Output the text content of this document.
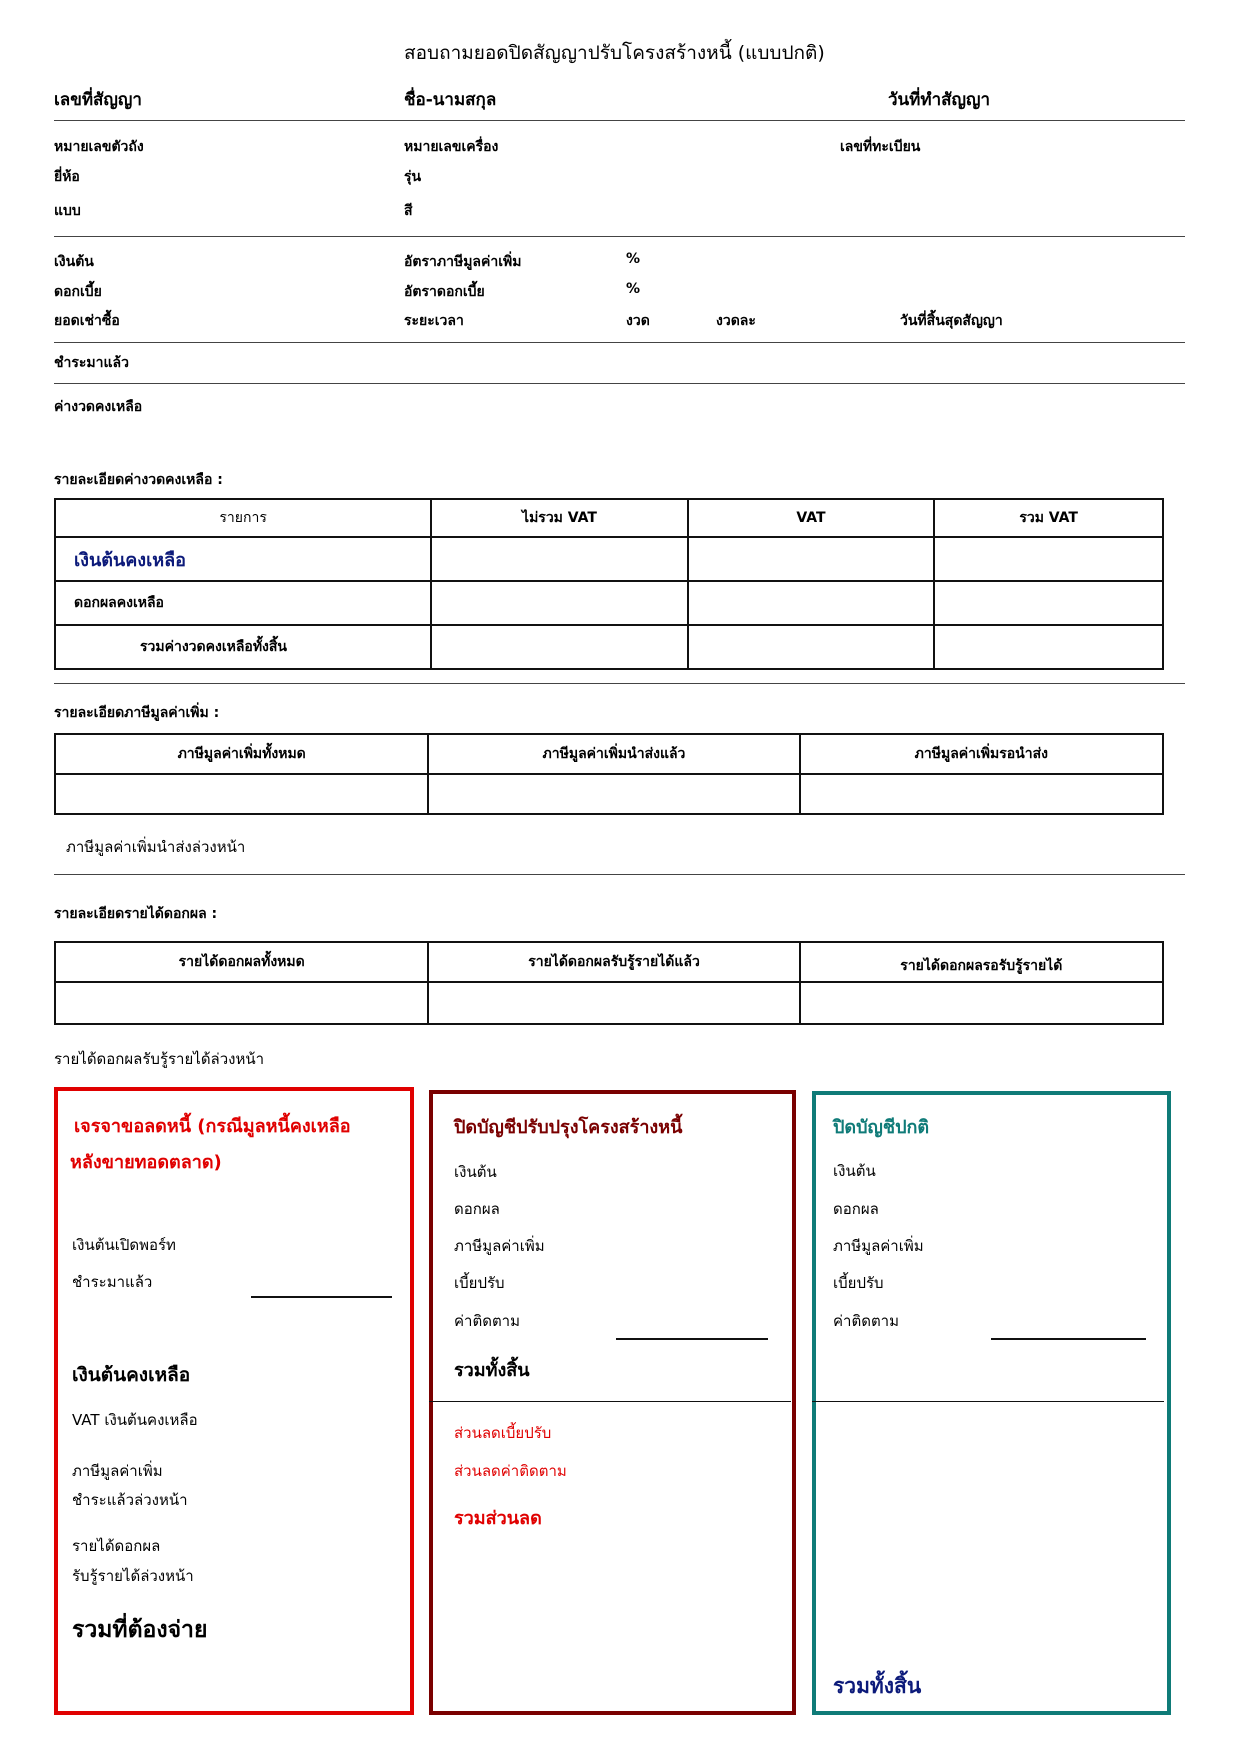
สอบถามยอดปิดสัญญาปรับโครงสร้างหนี้ (แบบปกติ)
เลขที่สัญญา	ชื่อ-นามสกุล	วันที่ทำสัญญา
หมายเลขตัวถัง	หมายเลขเครื่อง	เลขที่ทะเบียน
ยี่ห้อ	รุ่น
แบบ	สี
เงินต้น	อัตราภาษีมูลค่าเพิ่ม	%
ดอกเบี้ย	อัตราดอกเบี้ย	%
ยอดเช่าซื้อ	ระยะเวลา	งวด	งวดละ	วันที่สิ้นสุดสัญญา
ชำระมาแล้ว
ค่างวดคงเหลือ
รายละเอียดค่างวดคงเหลือ :
รายการ	ไม่รวม VAT	VAT	รวม VAT
เงินต้นคงเหลือ			
ดอกผลคงเหลือ			
รวมค่างวดคงเหลือทั้งสิ้น			
รายละเอียดภาษีมูลค่าเพิ่ม :
ภาษีมูลค่าเพิ่มทั้งหมด	ภาษีมูลค่าเพิ่มนำส่งแล้ว	ภาษีมูลค่าเพิ่มรอนำส่ง

ภาษีมูลค่าเพิ่มนำส่งล่วงหน้า
รายละเอียดรายได้ดอกผล :
รายได้ดอกผลทั้งหมด	รายได้ดอกผลรับรู้รายได้แล้ว	รายได้ดอกผลรอรับรู้รายได้

รายได้ดอกผลรับรู้รายได้ล่วงหน้า
เจรจาขอลดหนี้ (กรณีมูลหนี้คงเหลือ
หลังขายทอดตลาด)
เงินต้นเปิดพอร์ท
ชำระมาแล้ว
เงินต้นคงเหลือ
VAT เงินต้นคงเหลือ
ภาษีมูลค่าเพิ่ม
ชำระแล้วล่วงหน้า
รายได้ดอกผล
รับรู้รายได้ล่วงหน้า
รวมที่ต้องจ่าย
ปิดบัญชีปรับปรุงโครงสร้างหนี้
เงินต้น
ดอกผล
ภาษีมูลค่าเพิ่ม
เบี้ยปรับ
ค่าติดตาม
รวมทั้งสิ้น
ส่วนลดเบี้ยปรับ
ส่วนลดค่าติดตาม
รวมส่วนลด
ปิดบัญชีปกติ
เงินต้น
ดอกผล
ภาษีมูลค่าเพิ่ม
เบี้ยปรับ
ค่าติดตาม
รวมทั้งสิ้น
